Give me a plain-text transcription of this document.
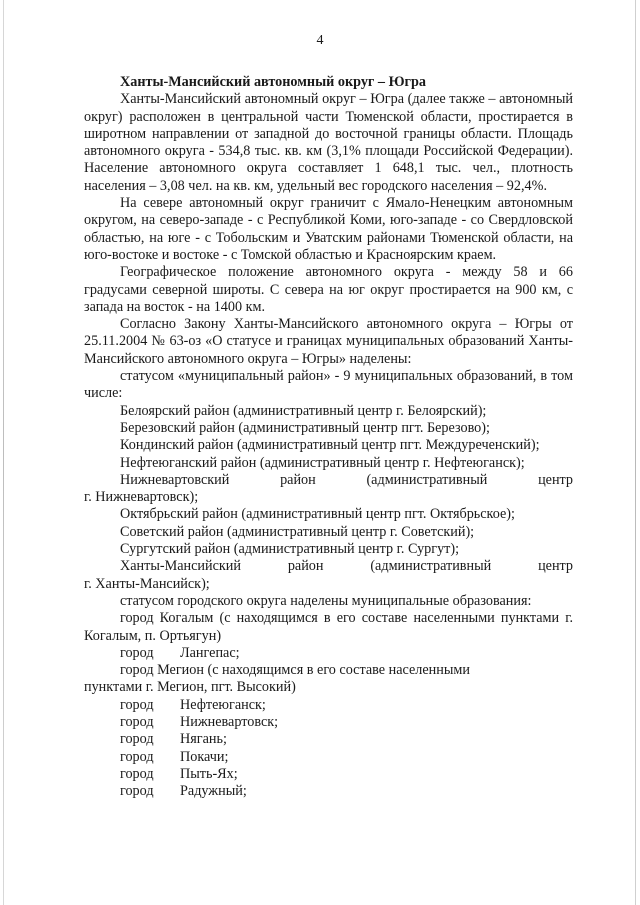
4
Ханты-Мансийский автономный округ – Югра

Ханты-Мансийский автономный округ – Югра (далее также – автономный округ) расположен в центральной части Тюменской области, простирается в широтном направлении от западной до восточной границы области. Площадь автономного округа - 534,8 тыс. кв. км (3,1% площади Российской Федерации). Население автономного округа составляет 1 648,1 тыс. чел., плотность населения – 3,08 чел. на кв. км, удельный вес городского населения – 92,4%.

На севере автономный округ граничит с Ямало-Ненецким автономным округом, на северо-западе - с Республикой Коми, юго-западе - со Свердловской областью, на юге - с Тобольским и Уватским районами Тюменской области, на юго-востоке и востоке - с Томской областью и Красноярским краем.

Географическое положение автономного округа - между 58 и 66 градусами северной широты. С севера на юг округ простирается на 900 км, с запада на восток - на 1400 км.

Согласно Закону Ханты-Мансийского автономного округа – Югры от 25.11.2004 № 63-оз «О статусе и границах муниципальных образований Ханты-Мансийского автономного округа – Югры» наделены:

статусом «муниципальный район» - 9 муниципальных образований, в том числе:

Белоярский район (административный центр г. Белоярский);
Березовский район (административный центр пгт. Березово);
Кондинский район (административный центр пгт. Междуреченский);
Нефтеюганский район (административный центр г. Нефтеюганск);
Нижневартовский	район	(административный	центр
г. Нижневартовск);
Октябрьский район (административный центр пгт. Октябрьское);
Советский район (административный центр г. Советский);
Сургутский район (административный центр г. Сургут);
Ханты-Мансийский	район	(административный	центр
г. Ханты-Мансийск);
статусом городского округа наделены муниципальные образования:

город Когалым (с находящимся в его составе населенными пунктами г. Когалым, п. Ортьягун)

город	Лангепас;
город Мегион (с находящимся в его составе населенными
пунктами г. Мегион, пгт. Высокий)
город	Нефтеюганск;
город	Нижневартовск;
город	Нягань;
город	Покачи;
город	Пыть-Ях;
город	Радужный;
